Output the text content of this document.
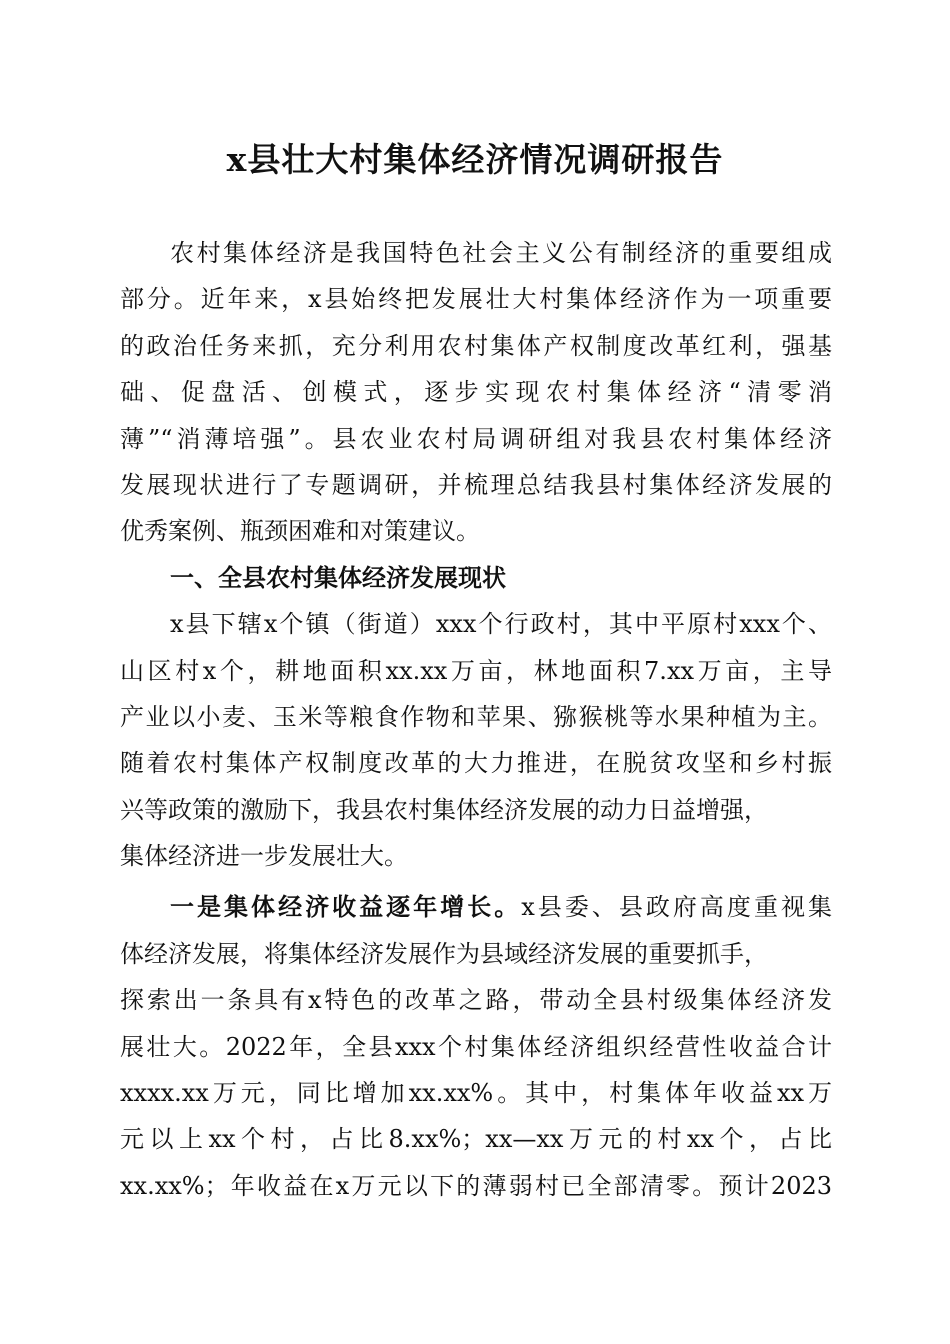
x县壮大村集体经济情况调研报告
农村集体经济是我国特色社会主义公有制经济的重要组成
部分。近年来，x县始终把发展壮大村集体经济作为一项重要
的政治任务来抓，充分利用农村集体产权制度改革红利，强基
础、促盘活、创模式，逐步实现农村集体经济“清零消
薄”“消薄培强”。县农业农村局调研组对我县农村集体经济
发展现状进行了专题调研，并梳理总结我县村集体经济发展的
优秀案例、瓶颈困难和对策建议。
一、全县农村集体经济发展现状
x县下辖x个镇（街道）xxx个行政村，其中平原村xxx个、
山区村x个，耕地面积xx.xx万亩，林地面积7.xx万亩，主导
产业以小麦、玉米等粮食作物和苹果、猕猴桃等水果种植为主。
随着农村集体产权制度改革的大力推进，在脱贫攻坚和乡村振
兴等政策的激励下，我县农村集体经济发展的动力日益增强，
集体经济进一步发展壮大。
一是集体经济收益逐年增长。x县委、县政府高度重视集
体经济发展，将集体经济发展作为县域经济发展的重要抓手，
探索出一条具有x特色的改革之路，带动全县村级集体经济发
展壮大。2022年，全县xxx个村集体经济组织经营性收益合计
xxxx.xx万元，同比增加xx.xx%。其中，村集体年收益xx万
元以上xx个村，占比8.xx%；xx—xx万元的村xx个，占比
xx.xx%；年收益在x万元以下的薄弱村已全部清零。预计2023
